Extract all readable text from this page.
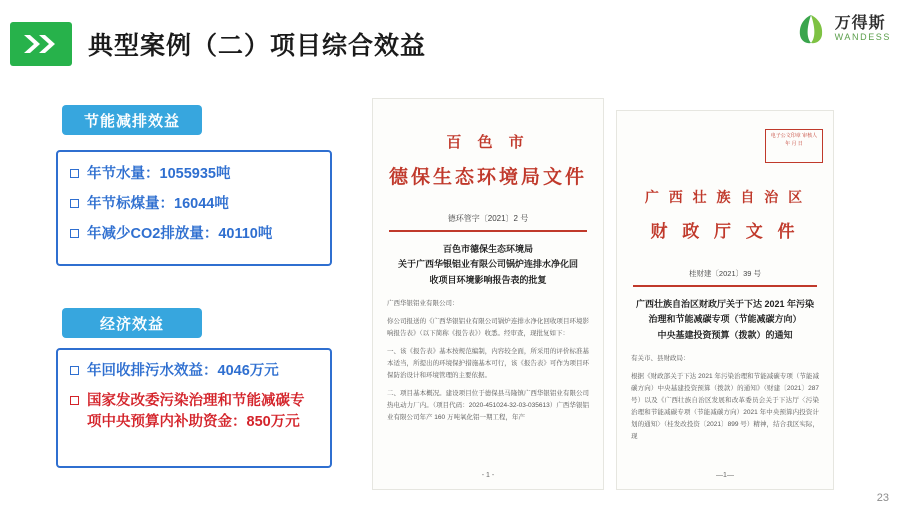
典型案例（二）项目综合效益
万得斯
WANDESS
节能减排效益
年节水量：1055935吨
年节标煤量：16044吨
年减少CO2排放量：40110吨
经济效益
年回收排污水效益：4046万元
国家发改委污染治理和节能减碳专项中央预算内补助资金：850万元
百 色 市
德保生态环境局文件
德环管字〔2021〕2 号
百色市德保生态环境局
关于广西华银铝业有限公司锅炉连排水净化回
收项目环境影响报告表的批复

广西华银铝业有限公司：

你公司报送的《广西华银铝业有限公司锅炉连排水净化回收项目环境影响报告表》（以下简称《报告表》）收悉。经审查，现批复如下：

一、该《报告表》基本按规范编制，内容较全面，所采用的评价标准基本适当，所提出的环境保护措施基本可行，该《报告表》可作为项目环保防治设计和环境管理的主要依据。

二、项目基本概况。建设项目位于德保县马隆镇广西华银铝业有限公司热电动力厂内。（项目代码：2020-451024-32-03-035613）广西华银铝业有限公司年产 160 万吨氧化铝一期工程，年产

- 1 -
电子公文印章 审核人 年 月 日
广 西 壮 族 自 治 区
财 政 厅 文 件
桂财建〔2021〕39 号
广西壮族自治区财政厅关于下达 2021 年污染
治理和节能减碳专项（节能减碳方向）
中央基建投资预算（拨款）的通知

有关市、县财政局：

根据《财政部关于下达 2021 年污染治理和节能减碳专项（节能减碳方向）中央基建投资预算（拨款）的通知》（财建〔2021〕287 号）以及《广西壮族自治区发展和改革委员会关于下达厅〈污染治理和节能减碳专项（节能减碳方向）2021 年中央预算内投资计划的通知〉（桂发改投资〔2021〕899 号）精神，结合我区实际，现

—1—
23
